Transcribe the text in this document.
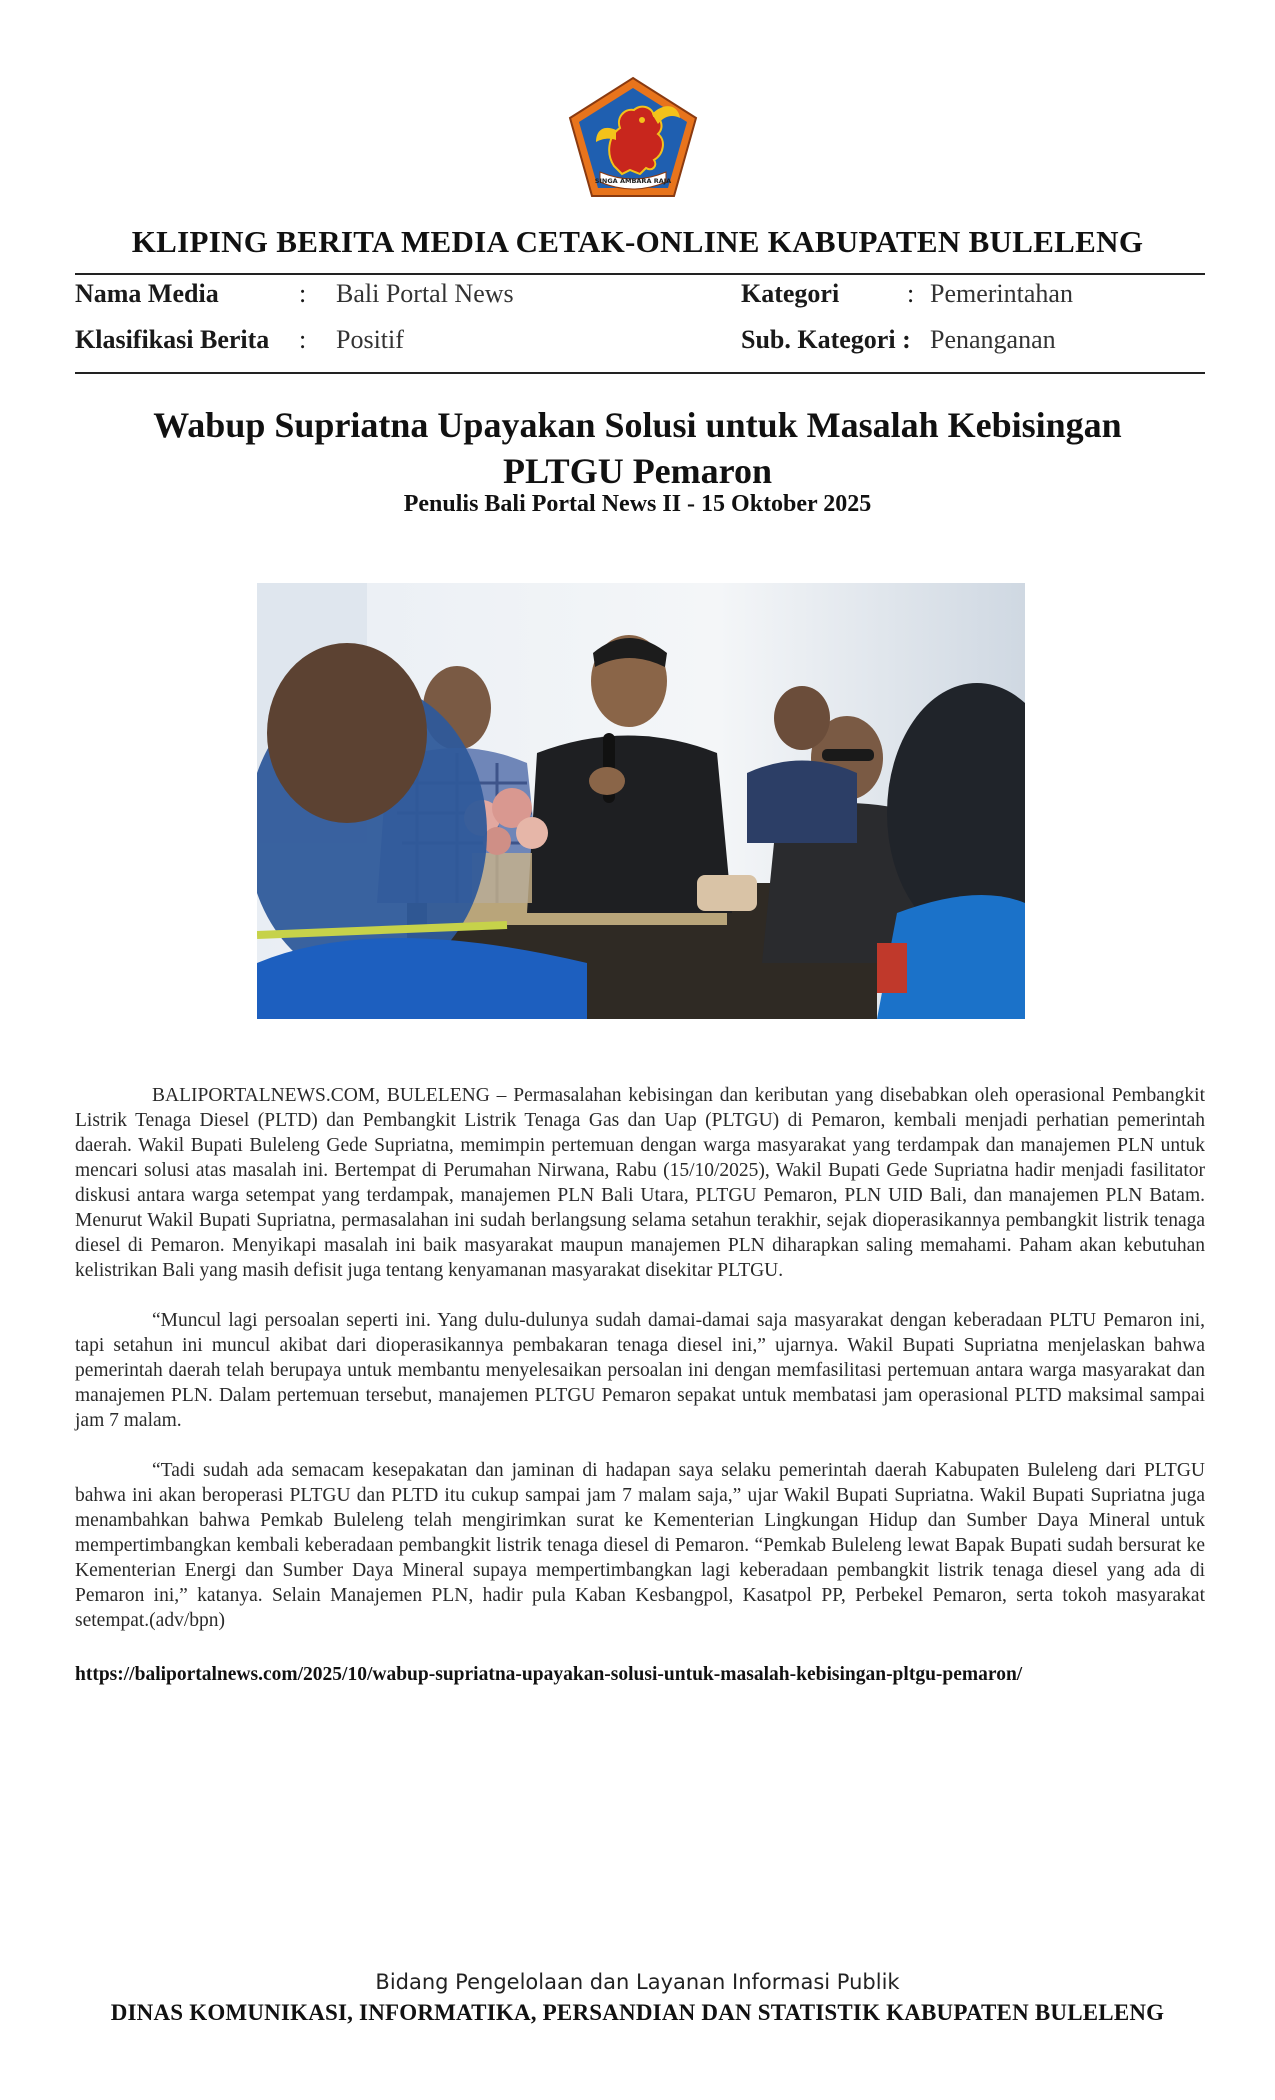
SINGA AMBARA RAJA
KLIPING BERITA MEDIA CETAK-ONLINE KABUPATEN BULELENG
Nama Media	: Bali Portal News	Kategori	: Pemerintahan
Klasifikasi Berita : Positif	Sub. Kategori : Penanganan
Wabup Supriatna Upayakan Solusi untuk Masalah Kebisingan PLTGU Pemaron
Penulis Bali Portal News II - 15 Oktober 2025

BALIPORTALNEWS.COM, BULELENG – Permasalahan kebisingan dan keributan yang disebabkan oleh operasional Pembangkit Listrik Tenaga Diesel (PLTD) dan Pembangkit Listrik Tenaga Gas dan Uap (PLTGU) di Pemaron, kembali menjadi perhatian pemerintah daerah. Wakil Bupati Buleleng Gede Supriatna, memimpin pertemuan dengan warga masyarakat yang terdampak dan manajemen PLN untuk mencari solusi atas masalah ini. Bertempat di Perumahan Nirwana, Rabu (15/10/2025), Wakil Bupati Gede Supriatna hadir menjadi fasilitator diskusi antara warga setempat yang terdampak, manajemen PLN Bali Utara, PLTGU Pemaron, PLN UID Bali, dan manajemen PLN Batam. Menurut Wakil Bupati Supriatna, permasalahan ini sudah berlangsung selama setahun terakhir, sejak dioperasikannya pembangkit listrik tenaga diesel di Pemaron. Menyikapi masalah ini baik masyarakat maupun manajemen PLN diharapkan saling memahami. Paham akan kebutuhan kelistrikan Bali yang masih defisit juga tentang kenyamanan masyarakat disekitar PLTGU.

“Muncul lagi persoalan seperti ini. Yang dulu-dulunya sudah damai-damai saja masyarakat dengan keberadaan PLTU Pemaron ini, tapi setahun ini muncul akibat dari dioperasikannya pembakaran tenaga diesel ini,” ujarnya. Wakil Bupati Supriatna menjelaskan bahwa pemerintah daerah telah berupaya untuk membantu menyelesaikan persoalan ini dengan memfasilitasi pertemuan antara warga masyarakat dan manajemen PLN. Dalam pertemuan tersebut, manajemen PLTGU Pemaron sepakat untuk membatasi jam operasional PLTD maksimal sampai jam 7 malam.

“Tadi sudah ada semacam kesepakatan dan jaminan di hadapan saya selaku pemerintah daerah Kabupaten Buleleng dari PLTGU bahwa ini akan beroperasi PLTGU dan PLTD itu cukup sampai jam 7 malam saja,” ujar Wakil Bupati Supriatna. Wakil Bupati Supriatna juga menambahkan bahwa Pemkab Buleleng telah mengirimkan surat ke Kementerian Lingkungan Hidup dan Sumber Daya Mineral untuk mempertimbangkan kembali keberadaan pembangkit listrik tenaga diesel di Pemaron. “Pemkab Buleleng lewat Bapak Bupati sudah bersurat ke Kementerian Energi dan Sumber Daya Mineral supaya mempertimbangkan lagi keberadaan pembangkit listrik tenaga diesel yang ada di Pemaron ini,” katanya. Selain Manajemen PLN, hadir pula Kaban Kesbangpol, Kasatpol PP, Perbekel Pemaron, serta tokoh masyarakat setempat.(adv/bpn)

https://baliportalnews.com/2025/10/wabup-supriatna-upayakan-solusi-untuk-masalah-kebisingan-pltgu-pemaron/
Bidang Pengelolaan dan Layanan Informasi Publik
DINAS KOMUNIKASI, INFORMATIKA, PERSANDIAN DAN STATISTIK KABUPATEN BULELENG
